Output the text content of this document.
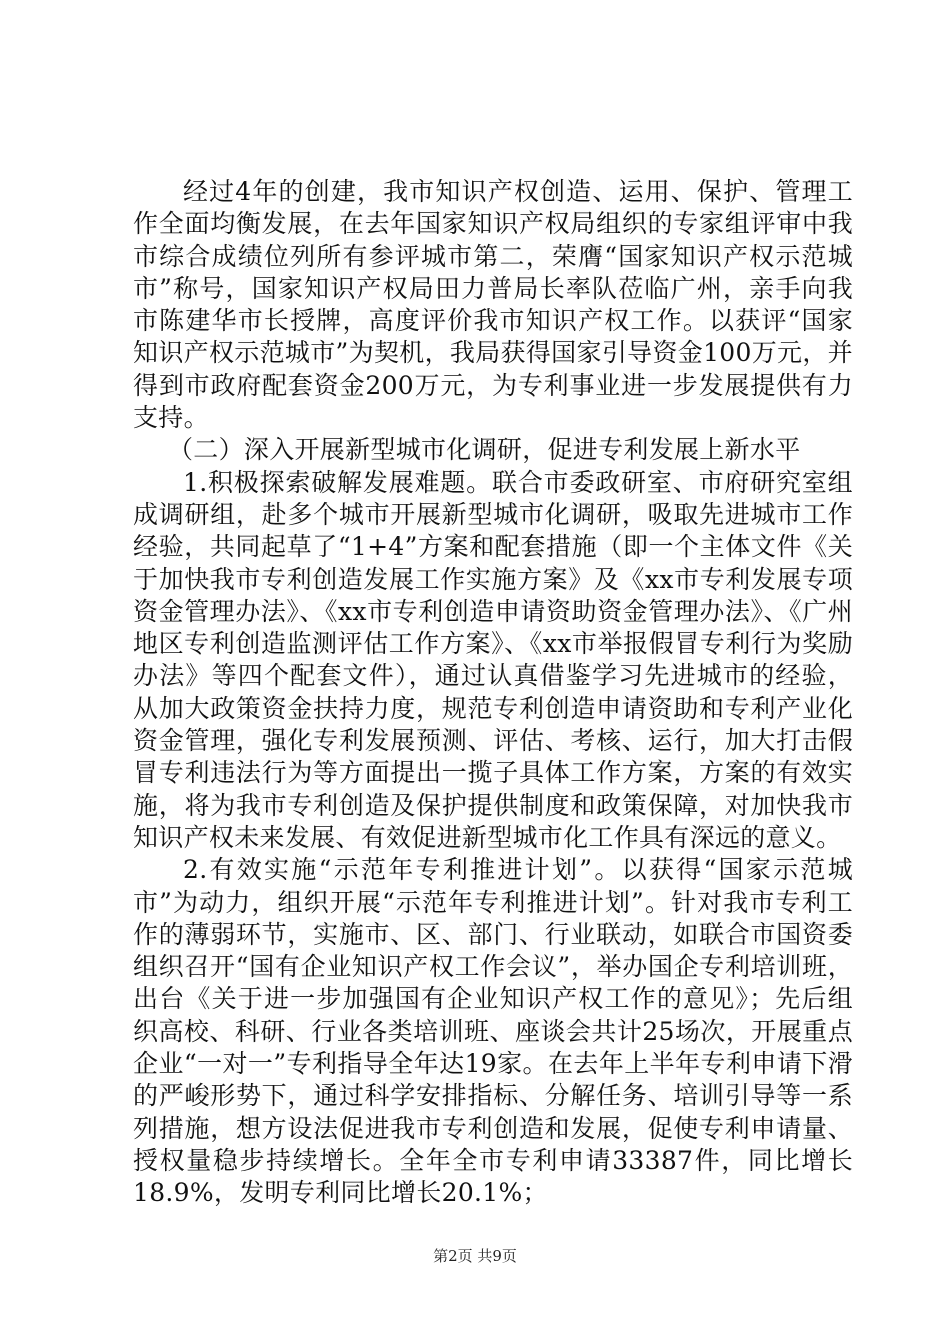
经过4年的创建，我市知识产权创造、运用、保护、管理工作全面均衡发展，在去年国家知识产权局组织的专家组评审中我市综合成绩位列所有参评城市第二，荣膺“国家知识产权示范城市”称号，国家知识产权局田力普局长率队莅临广州，亲手向我市陈建华市长授牌，高度评价我市知识产权工作。以获评“国家知识产权示范城市”为契机，我局获得国家引导资金100万元，并得到市政府配套资金200万元，为专利事业进一步发展提供有力支持。

（二）深入开展新型城市化调研，促进专利发展上新水平

1.积极探索破解发展难题。联合市委政研室、市府研究室组成调研组，赴多个城市开展新型城市化调研，吸取先进城市工作经验，共同起草了“1+4”方案和配套措施（即一个主体文件《关于加快我市专利创造发展工作实施方案》及《xx市专利发展专项资金管理办法》、《xx市专利创造申请资助资金管理办法》、《广州地区专利创造监测评估工作方案》、《xx市举报假冒专利行为奖励办法》等四个配套文件），通过认真借鉴学习先进城市的经验，从加大政策资金扶持力度，规范专利创造申请资助和专利产业化资金管理，强化专利发展预测、评估、考核、运行，加大打击假冒专利违法行为等方面提出一揽子具体工作方案，方案的有效实施，将为我市专利创造及保护提供制度和政策保障，对加快我市知识产权未来发展、有效促进新型城市化工作具有深远的意义。

2.有效实施“示范年专利推进计划”。以获得“国家示范城市”为动力，组织开展“示范年专利推进计划”。针对我市专利工作的薄弱环节，实施市、区、部门、行业联动，如联合市国资委组织召开“国有企业知识产权工作会议”，举办国企专利培训班，出台《关于进一步加强国有企业知识产权工作的意见》；先后组织高校、科研、行业各类培训班、座谈会共计25场次，开展重点企业“一对一”专利指导全年达19家。在去年上半年专利申请下滑的严峻形势下，通过科学安排指标、分解任务、培训引导等一系列措施，想方设法促进我市专利创造和发展，促使专利申请量、授权量稳步持续增长。全年全市专利申请33387件，同比增长18.9%，发明专利同比增长20.1%；

第2页 共9页
